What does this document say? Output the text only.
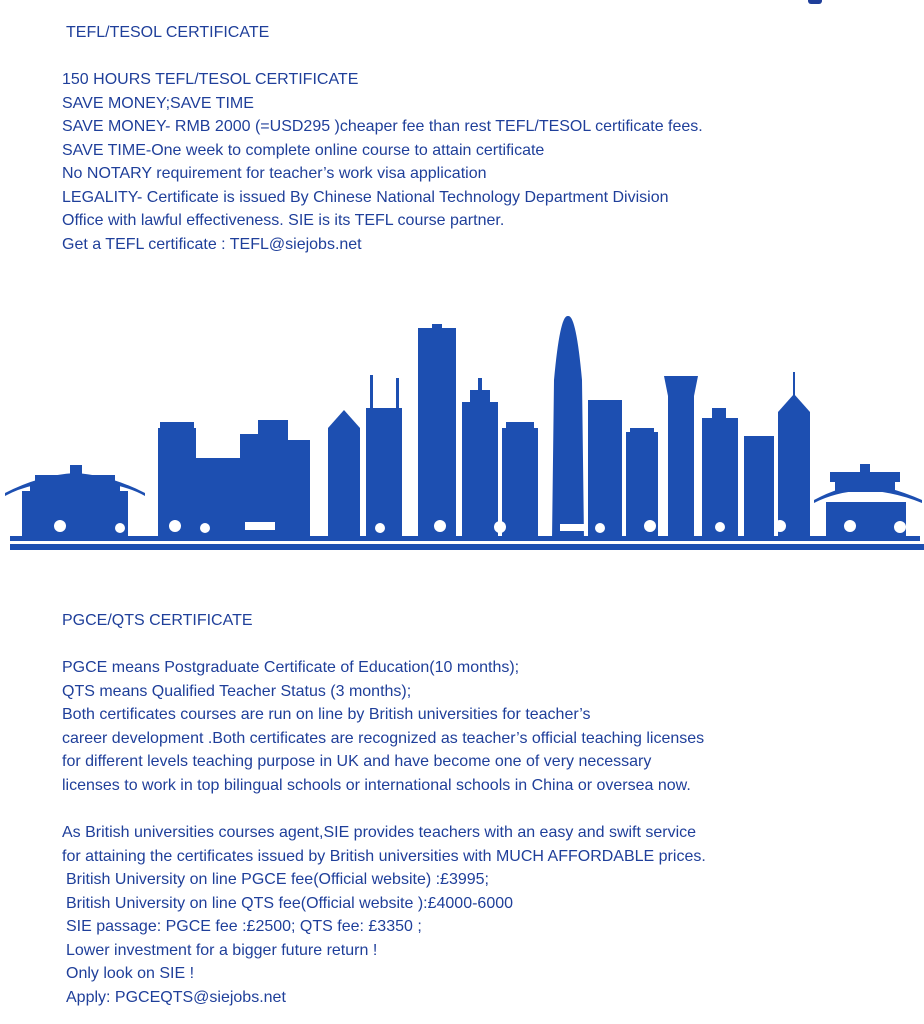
TEFL/TESOL CERTIFICATE
150 HOURS TEFL/TESOL CERTIFICATE
SAVE MONEY;SAVE TIME
SAVE MONEY- RMB 2000 (=USD295 )cheaper fee than rest TEFL/TESOL certificate fees.
SAVE TIME-One week to complete online course to attain certificate
No NOTARY requirement for teacher’s work visa application
LEGALITY- Certificate is issued By Chinese National Technology Department Division
Office with lawful effectiveness. SIE is its TEFL course partner.
Get a TEFL certificate : TEFL@siejobs.net
PGCE/QTS CERTIFICATE
PGCE means Postgraduate Certificate of Education(10 months);
QTS means Qualified Teacher Status (3 months);
Both certificates courses are run on line by British universities for teacher’s
career development .Both certificates are recognized as teacher’s official teaching licenses
for different levels teaching purpose in UK and have become one of very necessary
licenses to work in top bilingual schools or international schools in China or oversea now.
As British universities courses agent,SIE provides teachers with an easy and swift service
for attaining the certificates issued by British universities with MUCH AFFORDABLE prices.
British University on line PGCE fee(Official website) :£3995;
British University on line QTS fee(Official website ):£4000-6000
SIE passage: PGCE fee :£2500; QTS fee: £3350 ;
Lower investment for a bigger future return !
Only look on SIE !
Apply: PGCEQTS@siejobs.net
